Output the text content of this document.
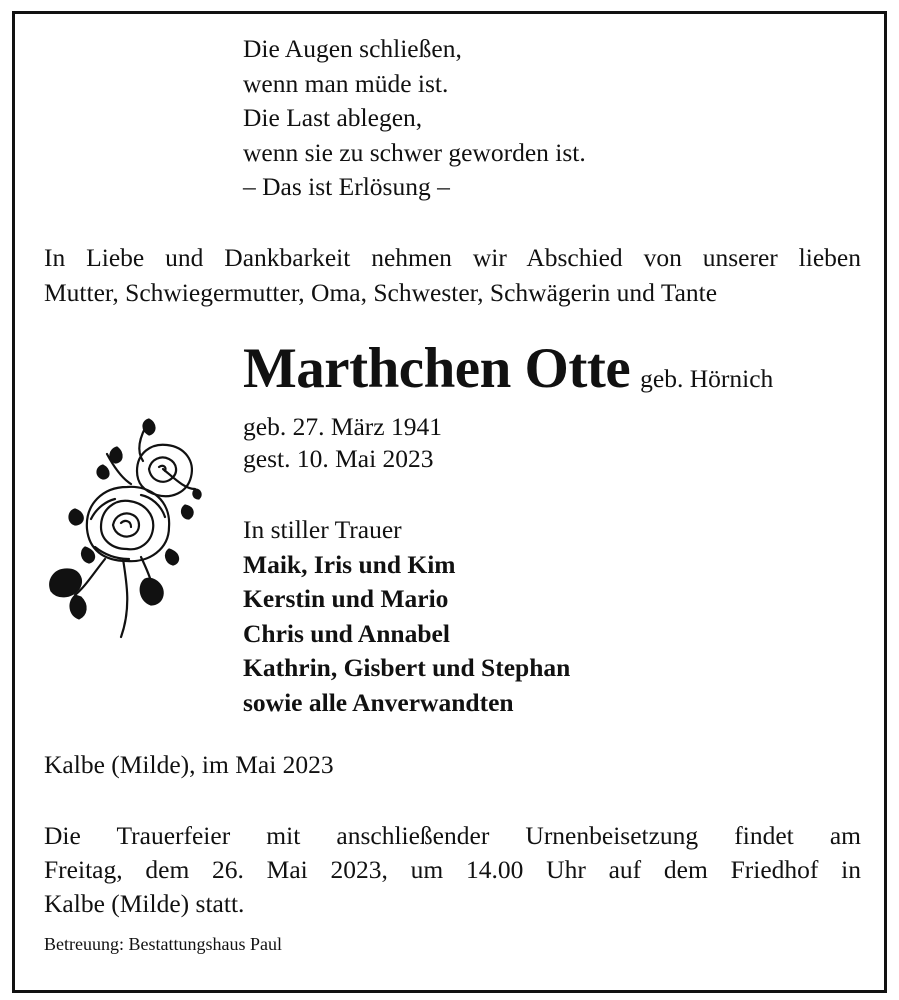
Die Augen schließen,
wenn man müde ist.
Die Last ablegen,
wenn sie zu schwer geworden ist.
– Das ist Erlösung –
In Liebe und Dankbarkeit nehmen wir Abschied von unserer lieben
Mutter, Schwiegermutter, Oma, Schwester, Schwägerin und Tante
Marthchen Otte geb. Hörnich
geb. 27. März 1941
gest. 10. Mai 2023
In stiller Trauer
Maik, Iris und Kim
Kerstin und Mario
Chris und Annabel
Kathrin, Gisbert und Stephan
sowie alle Anverwandten
Kalbe (Milde), im Mai 2023
Die Trauerfeier mit anschließender Urnenbeisetzung findet am
Freitag, dem 26. Mai 2023, um 14.00 Uhr auf dem Friedhof in
Kalbe (Milde) statt.
Betreuung: Bestattungshaus Paul
